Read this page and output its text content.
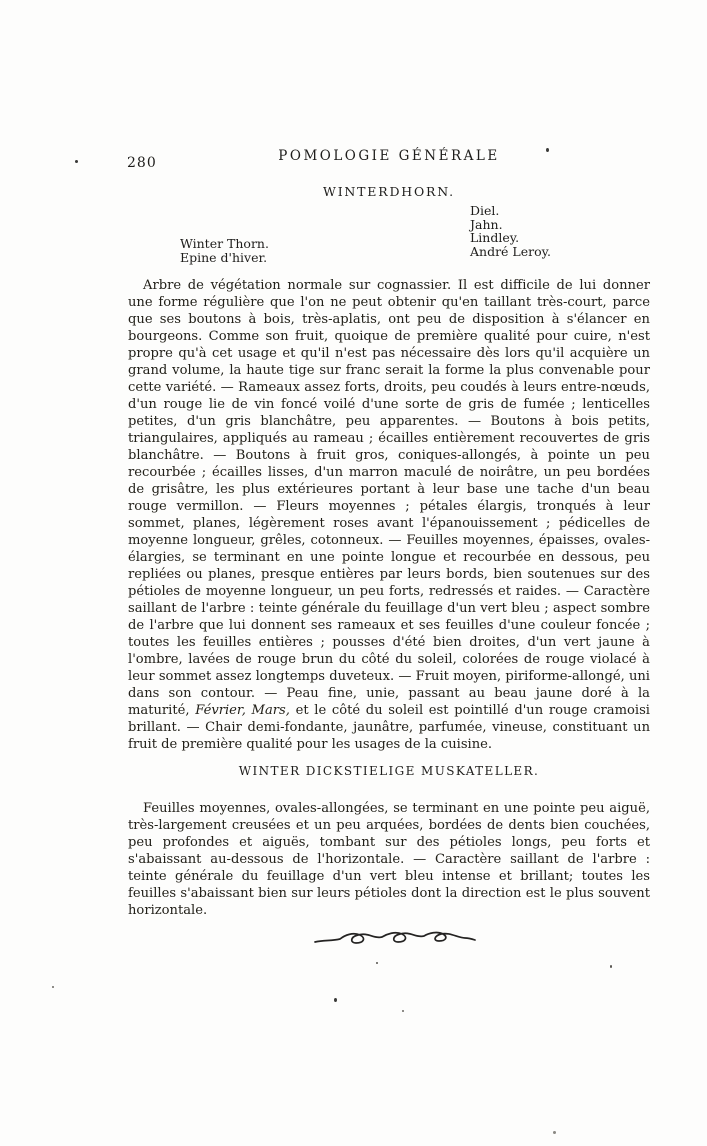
280	POMOLOGIE GÉNÉRALE
WINTERDHORN.
Diel.
Jahn.
Lindley.
André Leroy.
Winter Thorn.
Epine d'hiver.

Arbre de végétation normale sur cognassier. Il est difficile de lui donner une forme régulière que l'on ne peut obtenir qu'en taillant très-court, parce que ses boutons à bois, très-aplatis, ont peu de disposition à s'élancer en bourgeons. Comme son fruit, quoique de première qualité pour cuire, n'est propre qu'à cet usage et qu'il n'est pas nécessaire dès lors qu'il acquière un grand volume, la haute tige sur franc serait la forme la plus convenable pour cette variété. — Rameaux assez forts, droits, peu coudés à leurs entre-nœuds, d'un rouge lie de vin foncé voilé d'une sorte de gris de fumée ; lenticelles petites, d'un gris blanchâtre, peu apparentes. — Boutons à bois petits, triangulaires, appliqués au rameau ; écailles entièrement recouvertes de gris blanchâtre. — Boutons à fruit gros, coniques-allongés, à pointe un peu recourbée ; écailles lisses, d'un marron maculé de noirâtre, un peu bordées de grisâtre, les plus extérieures portant à leur base une tache d'un beau rouge vermillon. — Fleurs moyennes ; pétales élargis, tronqués à leur sommet, planes, légèrement roses avant l'épanouissement ; pédicelles de moyenne longueur, grêles, cotonneux. — Feuilles moyennes, épaisses, ovales-élargies, se terminant en une pointe longue et recourbée en dessous, peu repliées ou planes, presque entières par leurs bords, bien soutenues sur des pétioles de moyenne longueur, un peu forts, redressés et raides. — Caractère saillant de l'arbre : teinte générale du feuillage d'un vert bleu ; aspect sombre de l'arbre que lui donnent ses rameaux et ses feuilles d'une couleur foncée ; toutes les feuilles entières ; pousses d'été bien droites, d'un vert jaune à l'ombre, lavées de rouge brun du côté du soleil, colorées de rouge violacé à leur sommet assez longtemps duveteux. — Fruit moyen, piriforme-allongé, uni dans son contour. — Peau fine, unie, passant au beau jaune doré à la maturité, Février, Mars, et le côté du soleil est pointillé d'un rouge cramoisi brillant. — Chair demi-fondante, jaunâtre, parfumée, vineuse, constituant un fruit de première qualité pour les usages de la cuisine.

WINTER DICKSTIELIGE MUSKATELLER.

Feuilles moyennes, ovales-allongées, se terminant en une pointe peu aiguë, très-largement creusées et un peu arquées, bordées de dents bien couchées, peu profondes et aiguës, tombant sur des pétioles longs, peu forts et s'abaissant au-dessous de l'horizontale. — Caractère saillant de l'arbre : teinte générale du feuillage d'un vert bleu intense et brillant; toutes les feuilles s'abaissant bien sur leurs pétioles dont la direction est le plus souvent horizontale.
